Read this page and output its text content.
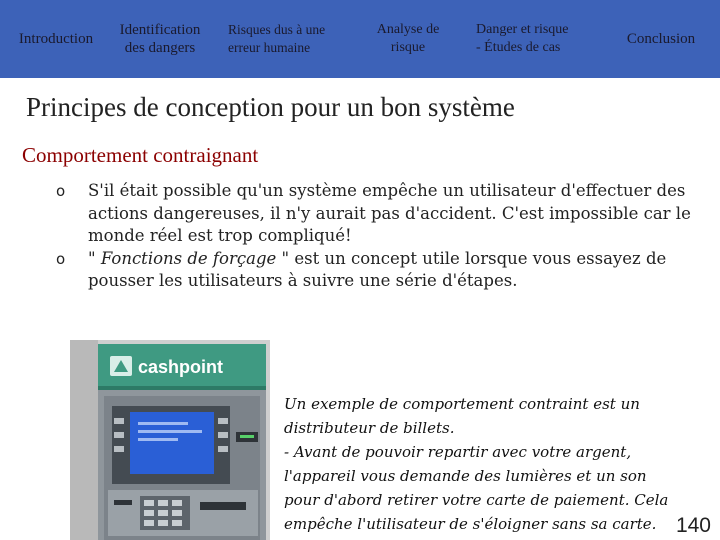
Introduction
Identification
des dangers
Risques dus à une
erreur humaine
Analyse de
risque
Danger et risque
- Études de cas
Conclusion
Principes de conception pour un bon système
Comportement contraignant
o S'il était possible qu'un système empêche un utilisateur d'effectuer des actions dangereuses, il n'y aurait pas d'accident. C'est impossible car le monde réel est trop compliqué!
o " Fonctions de forçage " est un concept utile lorsque vous essayez de pousser les utilisateurs à suivre une série d'étapes.
cashpoint
Un exemple de comportement contraint est un
distributeur de billets.
- Avant de pouvoir repartir avec votre argent,
l'appareil vous demande des lumières et un son
pour d'abord retirer votre carte de paiement. Cela
empêche l'utilisateur de s'éloigner sans sa carte. 140
